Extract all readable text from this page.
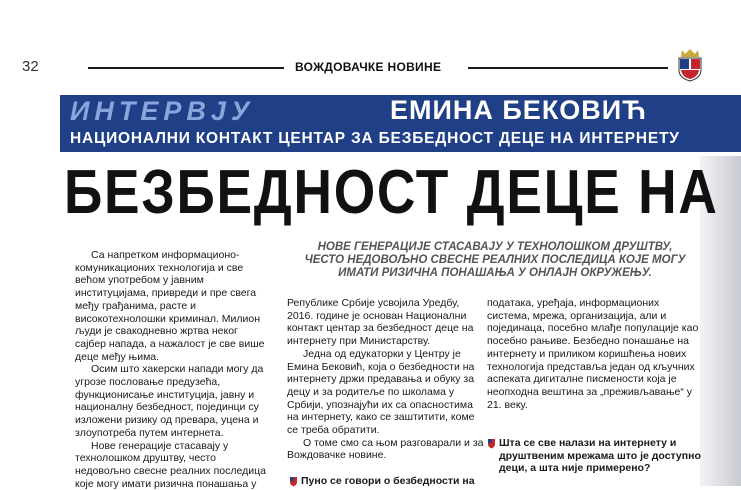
32	ВОЖДОВАЧКЕ НОВИНЕ
ИНТЕРВЈУ	ЕМИНА БЕКОВИЋ
НАЦИОНАЛНИ КОНТАКТ ЦЕНТАР ЗА БЕЗБЕДНОСТ ДЕЦЕ НА ИНТЕРНЕТУ
БЕЗБЕДНОСТ ДЕЦЕ НА
НОВЕ ГЕНЕРАЦИЈЕ СТАСАВАЈУ У ТЕХНОЛОШКОМ ДРУШТВУ,
ЧЕСТО НЕДОВОЉНО СВЕСНЕ РЕАЛНИХ ПОСЛЕДИЦА КОЈЕ МОГУ
ИМАТИ РИЗИЧНА ПОНАШАЊА У ОНЛАЈН ОКРУЖЕЊУ.

Са напретком информационо-комуникационих технологија и све већом употребом у јавним институцијама, привреди и пре свега међу грађанима, расте и високотехнолошки криминал. Милион људи је свакодневно жртва неког сајбер напада, а нажалост је све више деце међу њима.

Осим што хакерски напади могу да угрозе пословање предузећа, функционисање институција, јавну и националну безбедност, појединци су изложени ризику од превара, уцена и злоупотреба путем интернета.

Нове генерације стасавају у технолошком друштву, често недовољно свесне реалних последица које могу имати ризична понашања у

Републике Србије усвојила Уредбу, 2016. године је основан Национални контакт центар за безбедност деце на интернету при Министарству.

Једна од едукаторки у Центру је Емина Бековић, која о безбедности на интернету држи предавања и обуку за децу и за родитеље по школама у Србији, упознајући их са опасностима на интернету, како се заштитити, коме се треба обратити.

О томе смо са њом разговарали и за Вождовачке новине.

Пуно се говори о безбедности на

података, уређаја, информационих система, мрежа, организација, али и појединаца, посебно млађе популације као посебно рањиве. Безбедно понашање на интернету и приликом коришћења нових технологија представља један од кључних аспеката дигиталне писмености која је неопходна вештина за „преживљавање“ у 21. веку.

Шта се све налази на интернету и друштвеним мрежама што је доступно деци, а шта није примерено?
